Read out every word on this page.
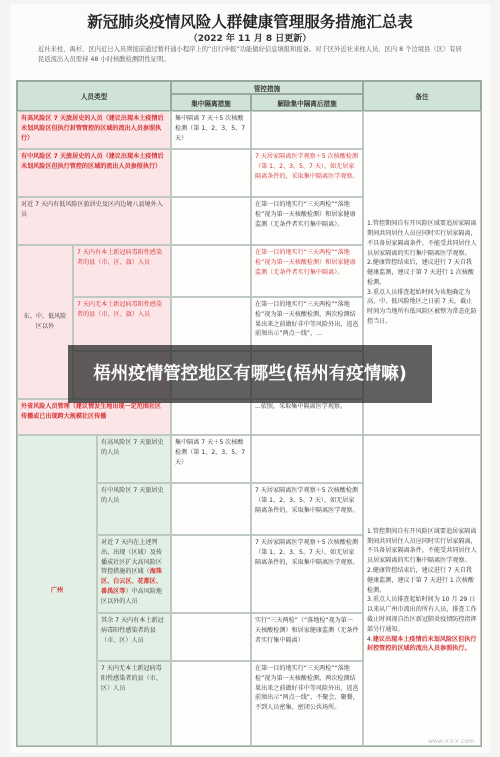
新冠肺炎疫情风险人群健康管理服务措施汇总表
（2022 年 11 月 8 日更新）
近社来柱、禺杉、区内近日入员须接前通过暂杆通小程序上的“出行申报”功能做好信息填报和报备。对于区外近社来柱人员、区内 8 个边境县（区）有居民返流出入员需持 48 小时核酸检测阴性证明。
人员类型
管控措施
集中隔离措施	解除集中隔离后措施
备注
有高风险区 7 天旅居史的人员（建议出现本土疫情后未划风险区但执行封管管控的区域的流出人员参照执行）
集中隔离 7 天＋5 次核酸检测（第 1、2、3、5、7 天）
有中风险区 7 天旅居史的人员（建议出现本土疫情后未划风险区但执行管控的区域的流出人员参照执行）
7 天居家隔离医学观察＋5 次核酸检测（第 1、2、3、5、7 天），如无居家隔离条件的，采取集中隔离医学观察。
对近 7 天内有低风险区旅居史及区内边境八县境外入员
在第一目的地实行“三天两检”“落地检”视为第一天核酸检测）和居家健康监测（无条件者实行集中隔离）。
东、中、低风险区以外
7 天内有本土新冠病毒阳性感染者的县（市、区、旗）入员
在第一目的地实行“三天两检”“落地检”视为第一天核酸检测）和居家健康监测（无条件者实行集中隔离）。
7 天内无本土新冠病毒阳性感染者的县（市、区、旗）入员
在第一目的地实行“三天两检”“落地检”视为第一天核酸检测，两次检测结果出来之前做好非中等风险外出，返邕前须出示“两点一线”，...
外省风险人员管理（建议情发生地出现一定范围社区传播或已出现跨大规模社区传播
...依照，采取集中隔离医学观察。
1.管控期间自有开风险区域要追居家隔离期间共同居住人员应同时实行居家隔离，不具备居家隔离条件，不能受共同居住人员居家隔离的实行集中隔离医学观察。
2.健康管控结束后，建议进行 7 天自我健康监测，建议于第 7 天进行 1 次核酸检测。
3.重点人员排查起始时间为该地确定为高、中、低风险地区之日前 7 天，截止时间为当地所有低风险区被整为常态化防控当日。
广州
有高风险区 7 天旅居史的人员
集中隔离 7 天＋5 次核酸检测（第 1、2、3、5、7 天）
有中风险区 7 天旅居史的人员
7 天居家隔离医学观察＋5 次核酸检测（第 1、2、3、5、7 天），如无居家隔离条件的，采取集中隔离医学观察。
对近 7 天内在上述列出、出现（区域）及传播成社区扩大高风险区管控措施的区域（海珠区、白云区、花都区、番禺区等）中高风险地区以外的人员
7 天居家隔离医学观察＋5 次核酸检测（第 1、2、3、5、7 天），如无居家隔离条件的，采取集中隔离医学观察。
其余 7 天内有本土新冠病毒阳性感染者的县（市、区）人员
实行“三天两检”（“落地检”视为第一天核酸检测）和居家健康监测（无条件者实行集中隔离）
7 天内无本土新冠病毒阳性感染者的县（市、区）人员
在第一目的地实行“三天两检”“落地检”视为第一天核酸检测，两次检测结果出来之前做好非中等风险外出，返邕前须出示“两点一线”，不聚会、聚餐，不到人员密集、密闭公共场所。
1.管控期间自有开风险区域要追居家隔离期间共同居住人员应同时实行居家隔离，不具备居家隔离条件，不能受共同居住人员居家隔离的实行集中隔离医学观察。
2.健康管控结束后，建议进行 7 天自我健康监测，建议于第 7 天进行 1 次核酸检测。
3.重点人员排查起始时间为 10 月 29 日以来从广州市流出的所有人员，排查工作截止时间视自治区新冠肺炎疫情防控指挥部另行通知。
4.建议出现本土疫情后未划风险区但执行封控管控的区域的流出人员参照执行。
www.×××.com
梧州疫情管控地区有哪些(梧州有疫情嘛)
